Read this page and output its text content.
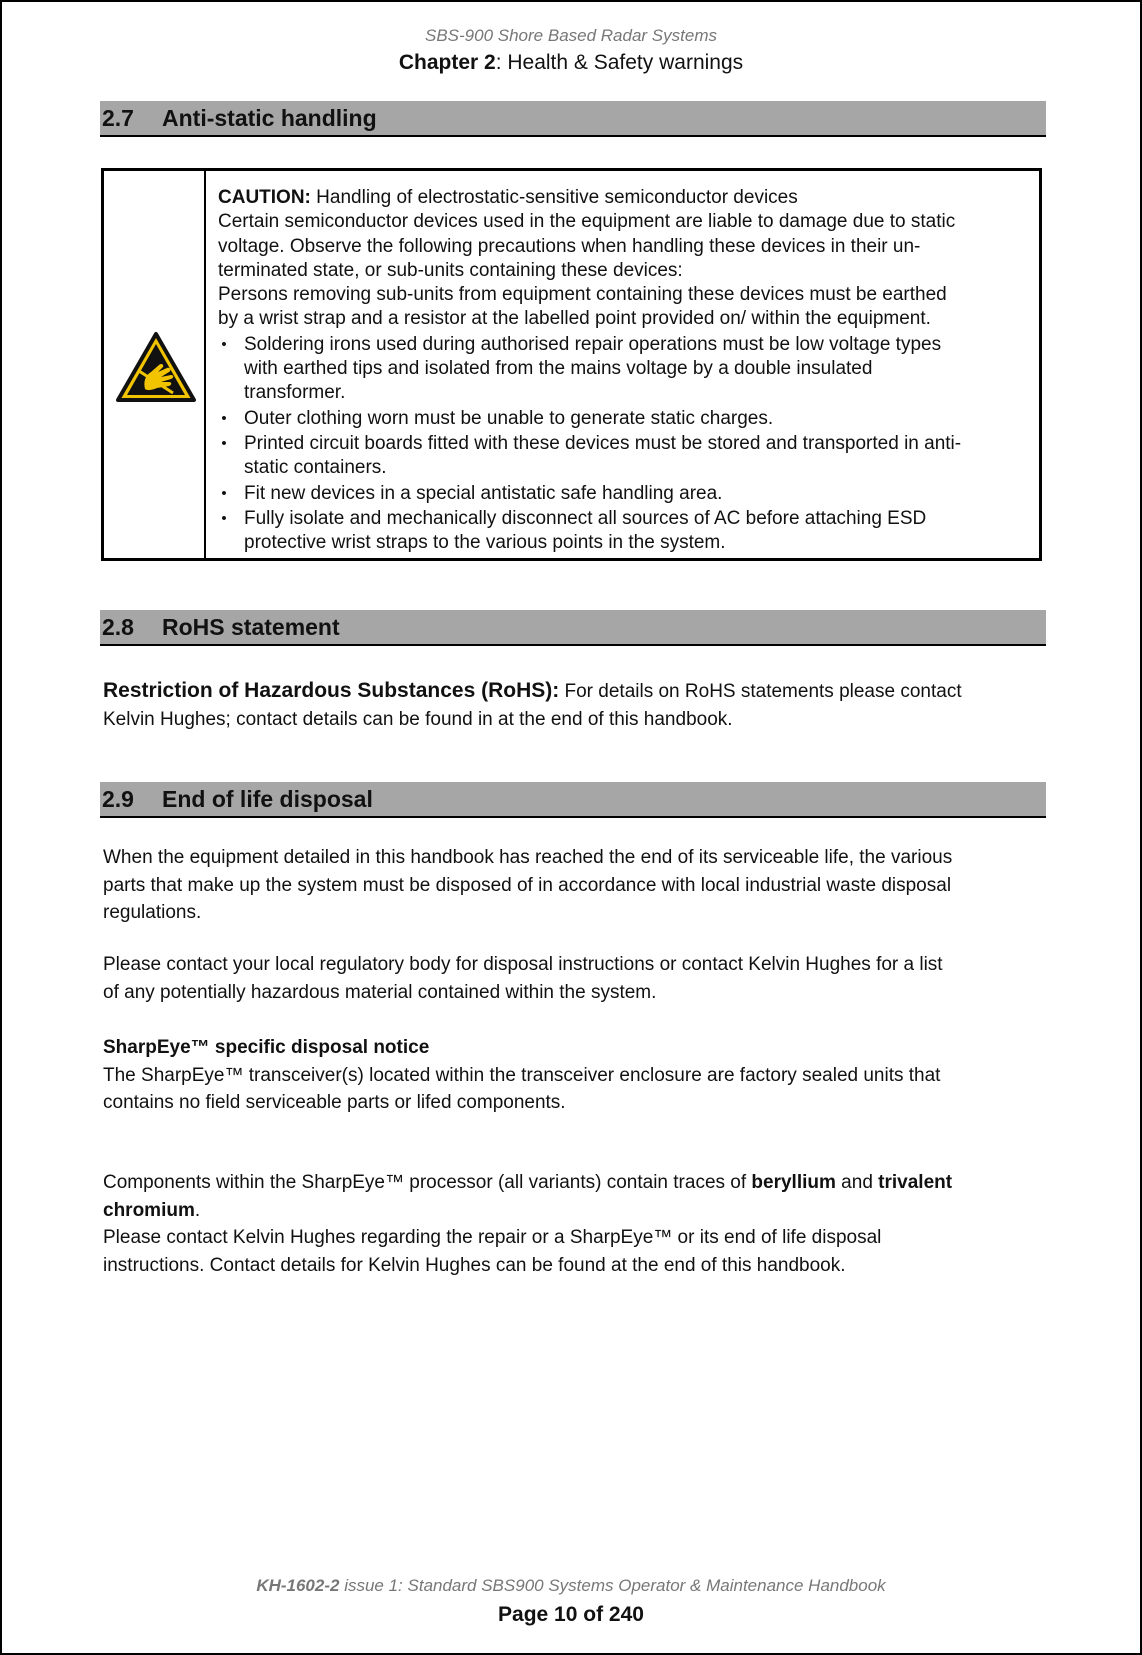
SBS-900 Shore Based Radar Systems
Chapter 2: Health & Safety warnings
2.7 Anti-static handling
CAUTION: Handling of electrostatic-sensitive semiconductor devices
Certain semiconductor devices used in the equipment are liable to damage due to static
voltage. Observe the following precautions when handling these devices in their un-
terminated state, or sub-units containing these devices:
Persons removing sub-units from equipment containing these devices must be earthed
by a wrist strap and a resistor at the labelled point provided on/ within the equipment.
• Soldering irons used during authorised repair operations must be low voltage types
with earthed tips and isolated from the mains voltage by a double insulated
transformer.
• Outer clothing worn must be unable to generate static charges.
• Printed circuit boards fitted with these devices must be stored and transported in anti-
static containers.
• Fit new devices in a special antistatic safe handling area.
• Fully isolate and mechanically disconnect all sources of AC before attaching ESD
protective wrist straps to the various points in the system.
2.8 RoHS statement
Restriction of Hazardous Substances (RoHS): For details on RoHS statements please contact
Kelvin Hughes; contact details can be found in at the end of this handbook.
2.9 End of life disposal
When the equipment detailed in this handbook has reached the end of its serviceable life, the various
parts that make up the system must be disposed of in accordance with local industrial waste disposal
regulations.
Please contact your local regulatory body for disposal instructions or contact Kelvin Hughes for a list
of any potentially hazardous material contained within the system.
SharpEye™ specific disposal notice
The SharpEye™ transceiver(s) located within the transceiver enclosure are factory sealed units that
contains no field serviceable parts or lifed components.
Components within the SharpEye™ processor (all variants) contain traces of beryllium and trivalent
chromium.
Please contact Kelvin Hughes regarding the repair or a SharpEye™ or its end of life disposal
instructions. Contact details for Kelvin Hughes can be found at the end of this handbook.
KH-1602-2 issue 1: Standard SBS900 Systems Operator & Maintenance Handbook
Page 10 of 240
